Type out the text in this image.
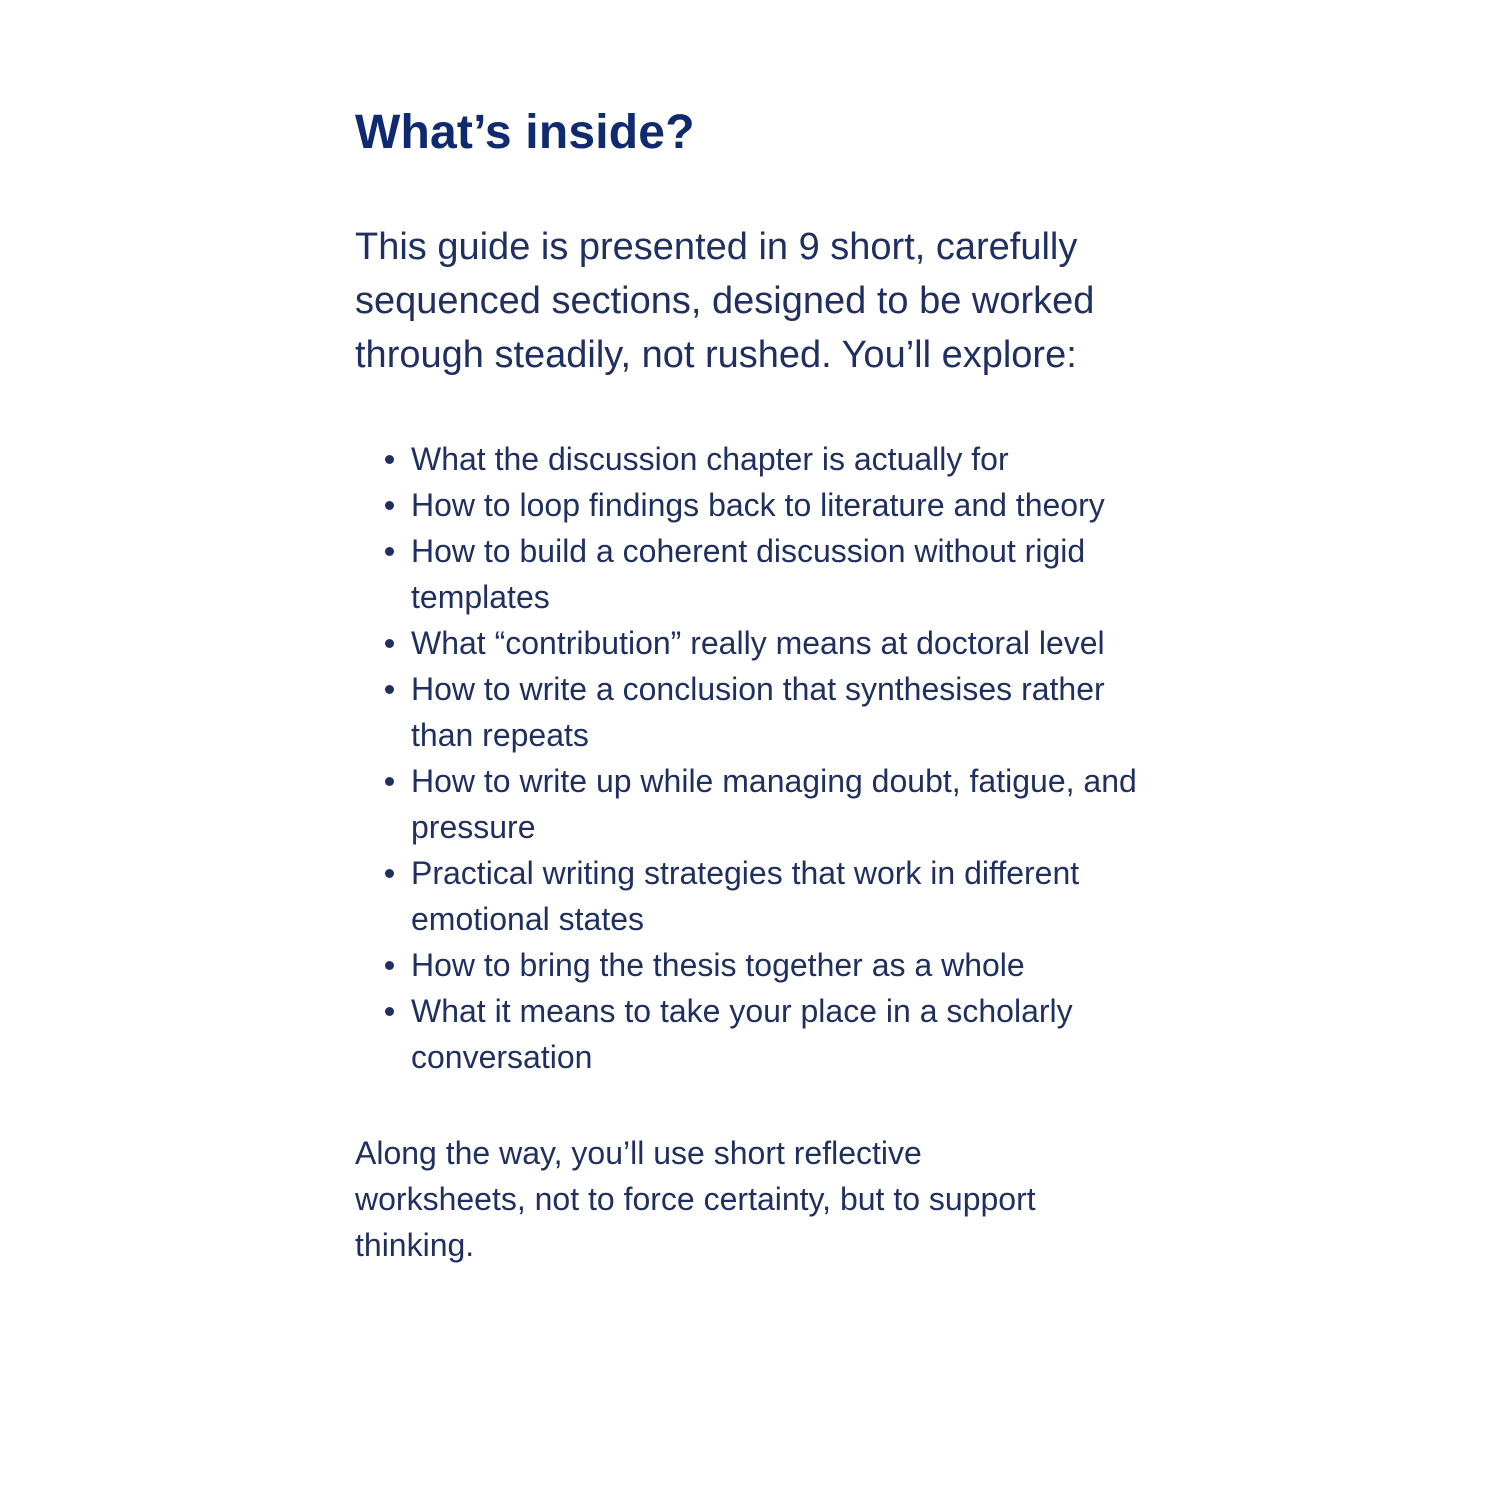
What’s inside?

This guide is presented in 9 short, carefully sequenced sections, designed to be worked through steadily, not rushed. You’ll explore:

What the discussion chapter is actually for
How to loop findings back to literature and theory
How to build a coherent discussion without rigid templates
What “contribution” really means at doctoral level
How to write a conclusion that synthesises rather than repeats
How to write up while managing doubt, fatigue, and pressure
Practical writing strategies that work in different emotional states
How to bring the thesis together as a whole
What it means to take your place in a scholarly conversation

Along the way, you’ll use short reflective worksheets, not to force certainty, but to support thinking.
